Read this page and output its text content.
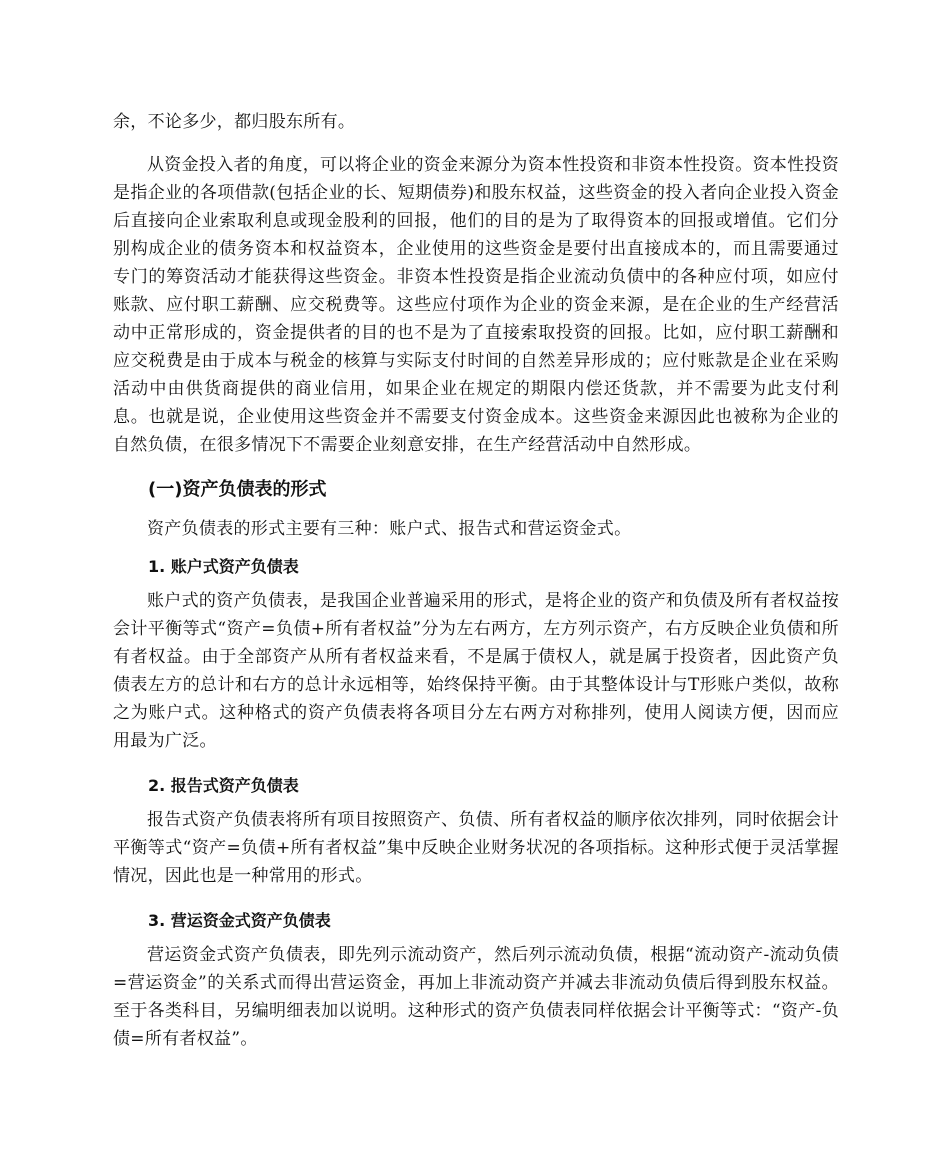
余，不论多少，都归股东所有。

从资金投入者的角度，可以将企业的资金来源分为资本性投资和非资本性投资。资本性投资是指企业的各项借款(包括企业的长、短期债券)和股东权益，这些资金的投入者向企业投入资金后直接向企业索取利息或现金股利的回报，他们的目的是为了取得资本的回报或增值。它们分别构成企业的债务资本和权益资本，企业使用的这些资金是要付出直接成本的，而且需要通过专门的筹资活动才能获得这些资金。非资本性投资是指企业流动负债中的各种应付项，如应付账款、应付职工薪酬、应交税费等。这些应付项作为企业的资金来源，是在企业的生产经营活动中正常形成的，资金提供者的目的也不是为了直接索取投资的回报。比如，应付职工薪酬和应交税费是由于成本与税金的核算与实际支付时间的自然差异形成的；应付账款是企业在采购活动中由供货商提供的商业信用，如果企业在规定的期限内偿还货款，并不需要为此支付利息。也就是说，企业使用这些资金并不需要支付资金成本。这些资金来源因此也被称为企业的自然负债，在很多情况下不需要企业刻意安排，在生产经营活动中自然形成。

(一)资产负债表的形式

资产负债表的形式主要有三种：账户式、报告式和营运资金式。

1. 账户式资产负债表

账户式的资产负债表，是我国企业普遍采用的形式，是将企业的资产和负债及所有者权益按会计平衡等式“资产=负债+所有者权益”分为左右两方，左方列示资产，右方反映企业负债和所有者权益。由于全部资产从所有者权益来看，不是属于债权人，就是属于投资者，因此资产负债表左方的总计和右方的总计永远相等，始终保持平衡。由于其整体设计与T形账户类似，故称之为账户式。这种格式的资产负债表将各项目分左右两方对称排列，使用人阅读方便，因而应用最为广泛。

2. 报告式资产负债表

报告式资产负债表将所有项目按照资产、负债、所有者权益的顺序依次排列，同时依据会计平衡等式“资产=负债+所有者权益”集中反映企业财务状况的各项指标。这种形式便于灵活掌握情况，因此也是一种常用的形式。

3. 营运资金式资产负债表

营运资金式资产负债表，即先列示流动资产，然后列示流动负债，根据“流动资产-流动负债=营运资金”的关系式而得出营运资金，再加上非流动资产并减去非流动负债后得到股东权益。至于各类科目，另编明细表加以说明。这种形式的资产负债表同样依据会计平衡等式：“资产-负债=所有者权益”。
